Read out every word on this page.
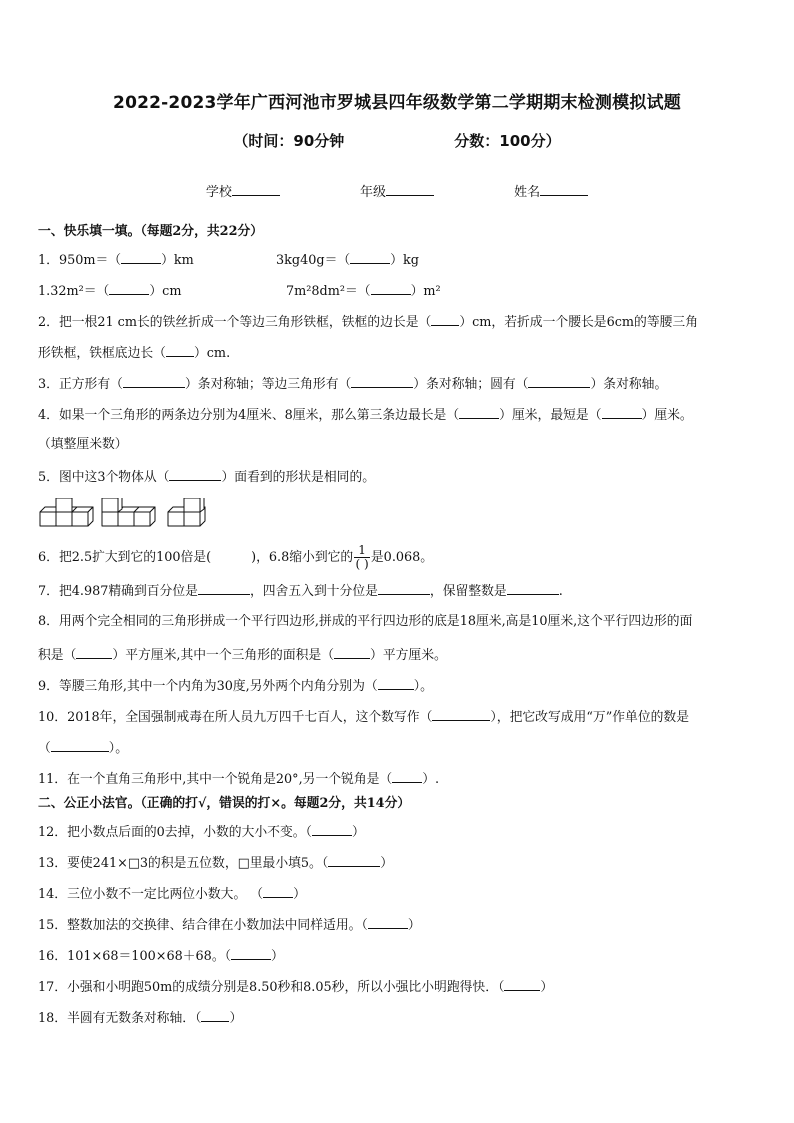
2022-2023学年广西河池市罗城县四年级数学第二学期期末检测模拟试题
（时间：90分钟	分数：100分）
学校	年级	姓名
一、快乐填一填。（每题2分，共22分）
1．950m＝（	）km	3kg40g＝（	）kg
1.32m²＝（	）cm	7m²8dm²＝（	）m²
2．把一根21 cm长的铁丝折成一个等边三角形铁框，铁框的边长是（ ）cm，若折成一个腰长是6cm的等腰三角
形铁框，铁框底边长（ ）cm.
3．正方形有（	）条对称轴；等边三角形有（	）条对称轴；圆有（	）条对称轴。
4．如果一个三角形的两条边分别为4厘米、8厘米，那么第三条边最长是（	）厘米，最短是（	）厘米。
（填整厘米数）
5．图中这3个物体从（	）面看到的形状是相同的。
6．把2.5扩大到它的100倍是(	)，6.8缩小到它的 $\frac{1}{( )}$ 是0.068。
7．把4.987精确到百分位是	，四舍五入到十分位是	，保留整数是	.
8．用两个完全相同的三角形拼成一个平行四边形,拼成的平行四边形的底是18厘米,高是10厘米,这个平行四边形的面
积是（	）平方厘米,其中一个三角形的面积是（	）平方厘米。
9．等腰三角形,其中一个内角为30度,另外两个内角分别为（	）。
10．2018年，全国强制戒毒在所人员九万四千七百人，这个数写作（	），把它改写成用“万”作单位的数是
（	）。
11．在一个直角三角形中,其中一个锐角是20°,另一个锐角是（ ）.
二、公正小法官。（正确的打√，错误的打×。每题2分，共14分）
12．把小数点后面的0去掉，小数的大小不变。（	）
13．要使241×□3的积是五位数，□里最小填5。（	）
14．三位小数不一定比两位小数大。 （ ）
15．整数加法的交换律、结合律在小数加法中同样适用。（	）
16．101×68＝100×68＋68。（	）
17．小强和小明跑50m的成绩分别是8.50秒和8.05秒，所以小强比小明跑得快．（	）
18．半圆有无数条对称轴．（ ）
